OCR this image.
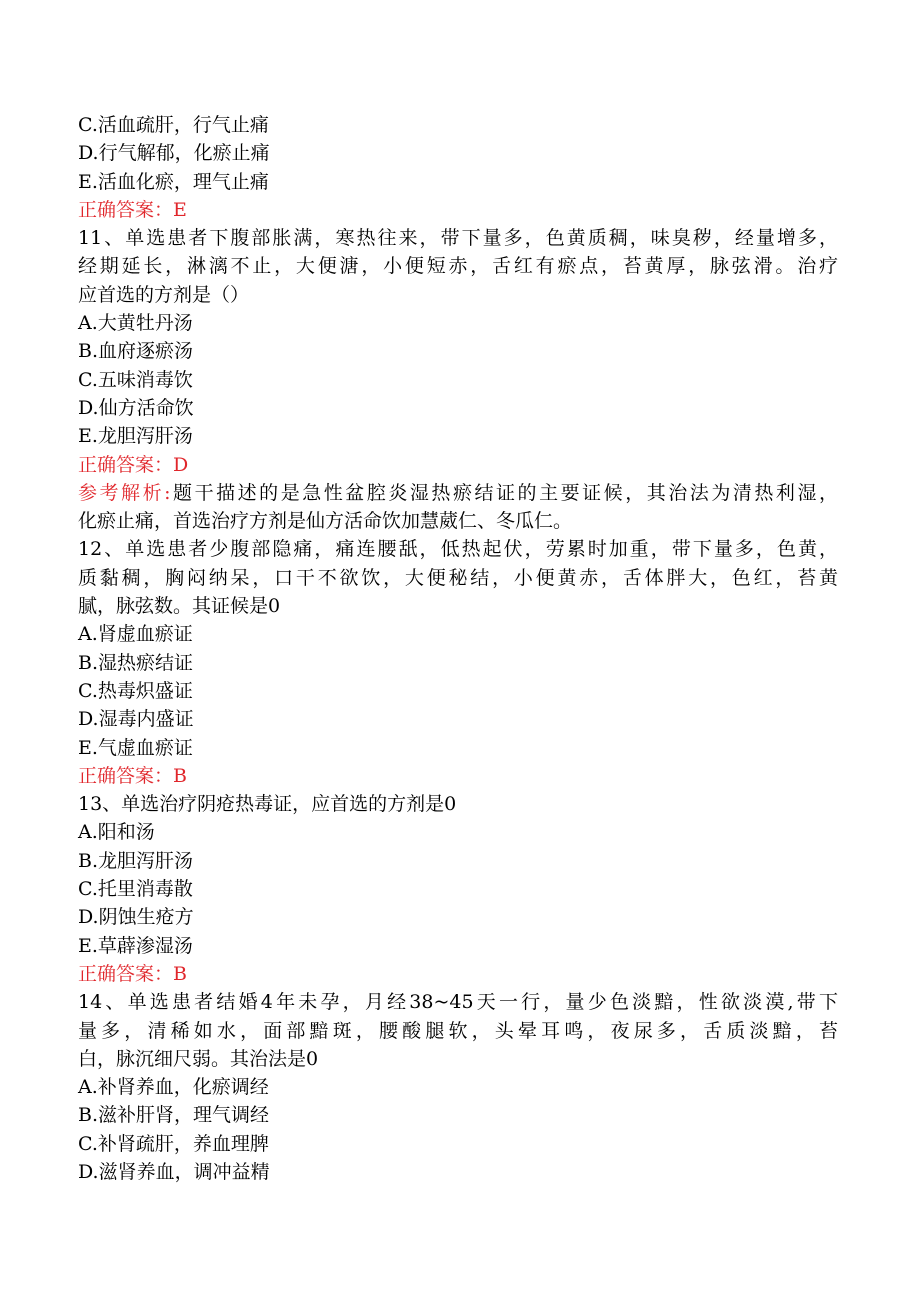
C.活血疏肝，行气止痛
D.行气解郁，化瘀止痛
E.活血化瘀，理气止痛
正确答案：E
11、单选患者下腹部胀满，寒热往来，带下量多，色黄质稠，味臭秽，经量增多，
经期延长，淋漓不止，大便溏，小便短赤，舌红有瘀点，苔黄厚，脉弦滑。治疗
应首选的方剂是（）
A.大黄牡丹汤
B.血府逐瘀汤
C.五味消毒饮
D.仙方活命饮
E.龙胆泻肝汤
正确答案：D
参考解析:题干描述的是急性盆腔炎湿热瘀结证的主要证候，其治法为清热利湿，
化瘀止痛，首选治疗方剂是仙方活命饮加慧葳仁、冬瓜仁。
12、单选患者少腹部隐痛，痛连腰舐，低热起伏，劳累时加重，带下量多，色黄，
质黏稠，胸闷纳呆，口干不欲饮，大便秘结，小便黄赤，舌体胖大，色红，苔黄
腻，脉弦数。其证候是0
A.肾虚血瘀证
B.湿热瘀结证
C.热毒炽盛证
D.湿毒内盛证
E.气虚血瘀证
正确答案：B
13、单选治疗阴疮热毒证，应首选的方剂是0
A.阳和汤
B.龙胆泻肝汤
C.托里消毒散
D.阴蚀生疮方
E.草薜渗湿汤
正确答案：B
14、单选患者结婚4年未孕，月经38~45天一行，量少色淡黯，性欲淡漠,带下
量多，清稀如水，面部黯斑，腰酸腿软，头晕耳鸣，夜尿多，舌质淡黯，苔
白，脉沉细尺弱。其治法是0
A.补肾养血，化瘀调经
B.滋补肝肾，理气调经
C.补肾疏肝，养血理脾
D.滋肾养血，调冲益精
